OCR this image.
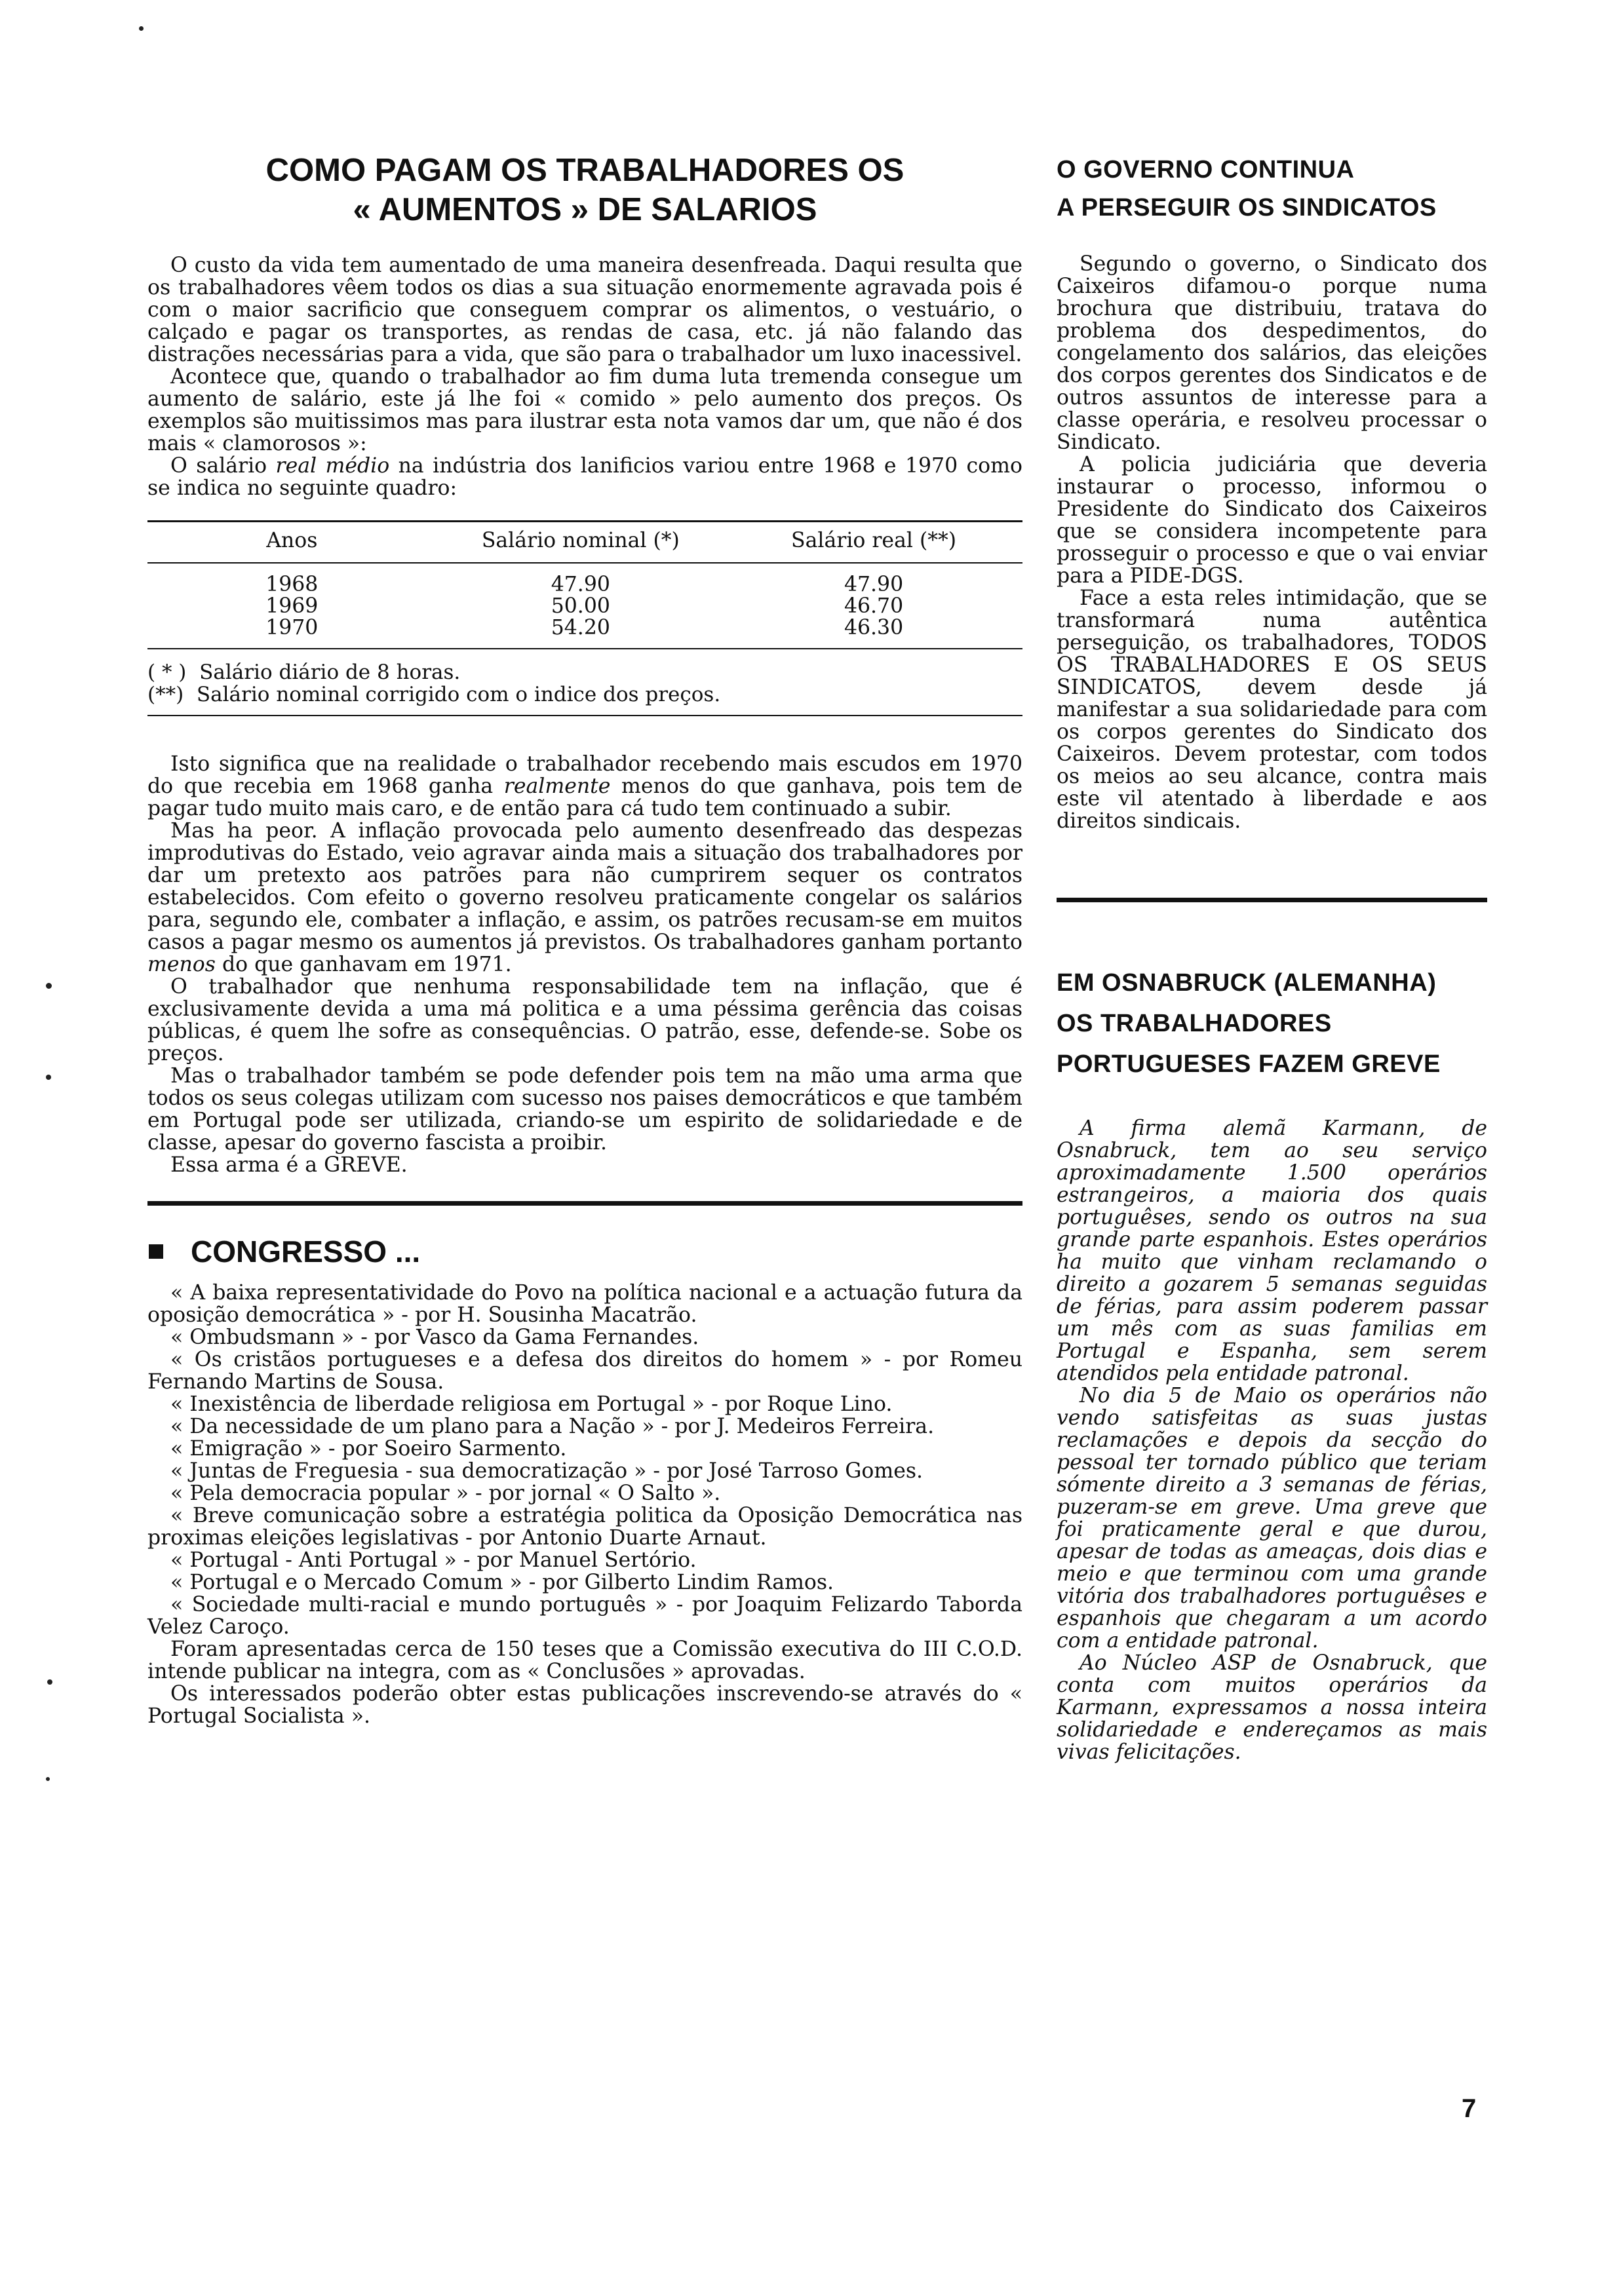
COMO PAGAM OS TRABALHADORES OS
« AUMENTOS » DE SALARIOS

O custo da vida tem aumentado de uma maneira desenfreada. Daqui resulta que os trabalhadores vêem todos os dias a sua situação enormemente agravada pois é com o maior sacrificio que conseguem comprar os alimentos, o vestuário, o calçado e pagar os transportes, as rendas de casa, etc. já não falando das distrações necessárias para a vida, que são para o trabalhador um luxo inacessivel.

Acontece que, quando o trabalhador ao fim duma luta tremenda consegue um aumento de salário, este já lhe foi « comido » pelo aumento dos preços. Os exemplos são muitissimos mas para ilustrar esta nota vamos dar um, que não é dos mais « clamorosos »:

O salário real médio na indústria dos lanificios variou entre 1968 e 1970 como se indica no seguinte quadro:

Anos	Salário nominal (*)	Salário real (**)
1968	47.90	47.90
1969	50.00	46.70
1970	54.20	46.30
( * )  Salário diário de 8 horas.
(**)  Salário nominal corrigido com o indice dos preços.

Isto significa que na realidade o trabalhador recebendo mais escudos em 1970 do que recebia em 1968 ganha realmente menos do que ganhava, pois tem de pagar tudo muito mais caro, e de então para cá tudo tem continuado a subir.

Mas ha peor. A inflação provocada pelo aumento desenfreado das despezas improdutivas do Estado, veio agravar ainda mais a situação dos trabalhadores por dar um pretexto aos patrões para não cumprirem sequer os contratos estabelecidos. Com efeito o governo resolveu praticamente congelar os salários para, segundo ele, combater a inflação, e assim, os patrões recusam-se em muitos casos a pagar mesmo os aumentos já previstos. Os trabalhadores ganham portanto menos do que ganhavam em 1971.

O trabalhador que nenhuma responsabilidade tem na inflação, que é exclusivamente devida a uma má politica e a uma péssima gerência das coisas públicas, é quem lhe sofre as consequências. O patrão, esse, defende-se. Sobe os preços.

Mas o trabalhador também se pode defender pois tem na mão uma arma que todos os seus colegas utilizam com sucesso nos paises democráticos e que também em Portugal pode ser utilizada, criando-se um espirito de solidariedade e de classe, apesar do governo fascista a proibir.

Essa arma é a GREVE.

CONGRESSO ...

« A baixa representatividade do Povo na política nacional e a actuação futura da oposição democrática » - por H. Sousinha Macatrão.

« Ombudsmann » - por Vasco da Gama Fernandes.

« Os cristãos portugueses e a defesa dos direitos do homem » - por Romeu Fernando Martins de Sousa.

« Inexistência de liberdade religiosa em Portugal » - por Roque Lino.

« Da necessidade de um plano para a Nação » - por J. Medeiros Ferreira.

« Emigração » - por Soeiro Sarmento.

« Juntas de Freguesia - sua democratização » - por José Tarroso Gomes.

« Pela democracia popular » - por jornal « O Salto ».

« Breve comunicação sobre a estratégia politica da Oposição Democrática nas proximas eleições legislativas - por Antonio Duarte Arnaut.

« Portugal - Anti Portugal » - por Manuel Sertório.

« Portugal e o Mercado Comum » - por Gilberto Lindim Ramos.

« Sociedade multi-racial e mundo português » - por Joaquim Felizardo Taborda Velez Caroço.

Foram apresentadas cerca de 150 teses que a Comissão executiva do III C.O.D. intende publicar na integra, com as « Conclusões » aprovadas.

Os interessados poderão obter estas publicações inscrevendo-se através do « Portugal Socialista ».

O GOVERNO CONTINUA
A PERSEGUIR OS SINDICATOS

Segundo o governo, o Sindicato dos Caixeiros difamou-o porque numa brochura que distribuiu, tratava do problema dos despedimentos, do congelamento dos salários, das eleições dos corpos gerentes dos Sindicatos e de outros assuntos de interesse para a classe operária, e resolveu processar o Sindicato.

A policia judiciária que deveria instaurar o processo, informou o Presidente do Sindicato dos Caixeiros que se considera incompetente para prosseguir o processo e que o vai enviar para a PIDE-DGS.

Face a esta reles intimidação, que se transformará numa autêntica perseguição, os trabalhadores, TODOS OS TRABALHADORES E OS SEUS SINDICATOS, devem desde já manifestar a sua solidariedade para com os corpos gerentes do Sindicato dos Caixeiros. Devem protestar, com todos os meios ao seu alcance, contra mais este vil atentado à liberdade e aos direitos sindicais.

EM OSNABRUCK (ALEMANHA)
OS TRABALHADORES
PORTUGUESES FAZEM GREVE

A firma alemã Karmann, de Osnabruck, tem ao seu serviço aproximadamente 1.500 operários estrangeiros, a maioria dos quais portuguêses, sendo os outros na sua grande parte espanhois. Estes operários ha muito que vinham reclamando o direito a gozarem 5 semanas seguidas de férias, para assim poderem passar um mês com as suas familias em Portugal e Espanha, sem serem atendidos pela entidade patronal.

No dia 5 de Maio os operários não vendo satisfeitas as suas justas reclamações e depois da secção do pessoal ter tornado público que teriam sómente direito a 3 semanas de férias, puzeram-se em greve. Uma greve que foi praticamente geral e que durou, apesar de todas as ameaças, dois dias e meio e que terminou com uma grande vitória dos trabalhadores portuguêses e espanhois que chegaram a um acordo com a entidade patronal.

Ao Núcleo ASP de Osnabruck, que conta com muitos operários da Karmann, expressamos a nossa inteira solidariedade e endereçamos as mais vivas felicitações.

7
